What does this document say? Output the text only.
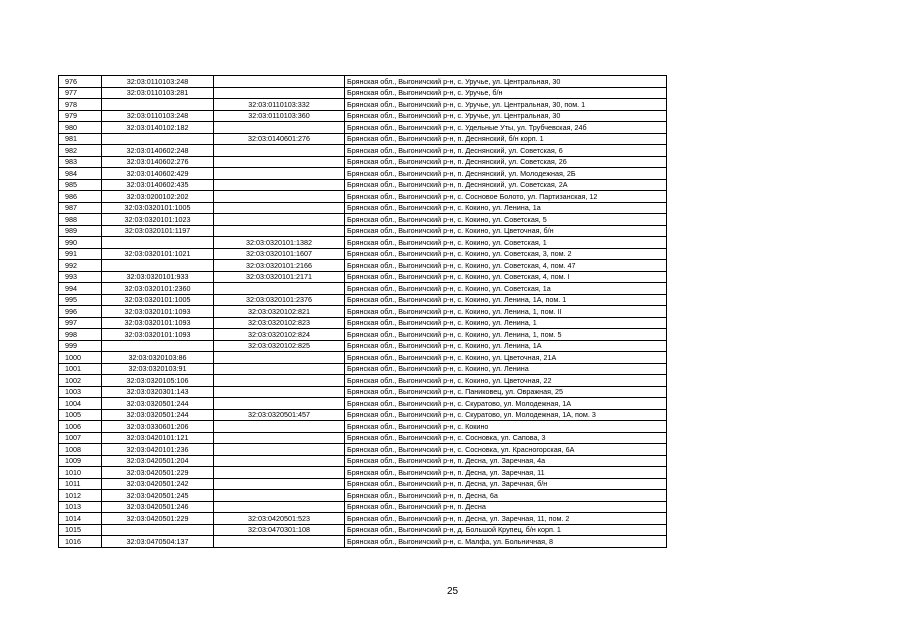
976	32:03:0110103:248		Брянская обл., Выгоничский р-н, с. Уручье, ул. Центральная, 30
977	32:03:0110103:281		Брянская обл., Выгоничский р-н, с. Уручье, б/н
978		32:03:0110103:332	Брянская обл., Выгоничский р-н, с. Уручье, ул. Центральная, 30, пом. 1
979	32:03:0110103:248	32:03:0110103:360	Брянская обл., Выгоничский р-н, с. Уручье, ул. Центральная, 30
980	32:03:0140102:182		Брянская обл., Выгоничский р-н, с. Удельные Уты, ул. Трубчевская, 24б
981		32:03:0140601:276	Брянская обл., Выгоничский р-н, п. Деснянский, б/н корп. 1
982	32:03:0140602:248		Брянская обл., Выгоничский р-н, п. Деснянский, ул. Советская, 6
983	32:03:0140602:276		Брянская обл., Выгоничский р-н, п. Деснянский, ул. Советская, 26
984	32:03:0140602:429		Брянская обл., Выгоничский р-н, п. Деснянский, ул. Молодежная, 2Б
985	32:03:0140602:435		Брянская обл., Выгоничский р-н, п. Деснянский, ул. Советская, 2А
986	32:03:0200102:202		Брянская обл., Выгоничский р-н, с. Сосновое Болото, ул. Партизанская, 12
987	32:03:0320101:1005		Брянская обл., Выгоничский р-н, с. Кокино, ул. Ленина, 1а
988	32:03:0320101:1023		Брянская обл., Выгоничский р-н, с. Кокино, ул. Советская, 5
989	32:03:0320101:1197		Брянская обл., Выгоничский р-н, с. Кокино, ул. Цветочная, б/н
990		32:03:0320101:1382	Брянская обл., Выгоничский р-н, с. Кокино, ул. Советская, 1
991	32:03:0320101:1021	32:03:0320101:1607	Брянская обл., Выгоничский р-н, с. Кокино, ул. Советская, 3, пом. 2
992		32:03:0320101:2166	Брянская обл., Выгоничский р-н, с. Кокино, ул. Советская, 4, пом. 47
993	32:03:0320101:933	32:03:0320101:2171	Брянская обл., Выгоничский р-н, с. Кокино, ул. Советская, 4, пом. I
994	32:03:0320101:2360		Брянская обл., Выгоничский р-н, с. Кокино, ул. Советская, 1а
995	32:03:0320101:1005	32:03:0320101:2376	Брянская обл., Выгоничский р-н, с. Кокино, ул. Ленина, 1А, пом. 1
996	32:03:0320101:1093	32:03:0320102:821	Брянская обл., Выгоничский р-н, с. Кокино, ул. Ленина, 1, пом. II
997	32:03:0320101:1093	32:03:0320102:823	Брянская обл., Выгоничский р-н, с. Кокино, ул. Ленина, 1
998	32:03:0320101:1093	32:03:0320102:824	Брянская обл., Выгоничский р-н, с. Кокино, ул. Ленина, 1, пом. 5
999		32:03:0320102:825	Брянская обл., Выгоничский р-н, с. Кокино, ул. Ленина, 1А
1000	32:03:0320103:86		Брянская обл., Выгоничский р-н, с. Кокино, ул. Цветочная, 21А
1001	32:03:0320103:91		Брянская обл., Выгоничский р-н, с. Кокино, ул. Ленина
1002	32:03:0320105:106		Брянская обл., Выгоничский р-н, с. Кокино, ул. Цветочная, 22
1003	32:03:0320301:143		Брянская обл., Выгоничский р-н, с. Паниковец, ул. Овражная, 25
1004	32:03:0320501:244		Брянская обл., Выгоничский р-н, с. Скуратово, ул. Молодежная, 1А
1005	32:03:0320501:244	32:03:0320501:457	Брянская обл., Выгоничский р-н, с. Скуратово, ул. Молодежная, 1А, пом. 3
1006	32:03:0330601:206		Брянская обл., Выгоничский р-н, с. Кокино
1007	32:03:0420101:121		Брянская обл., Выгоничский р-н, с. Сосновка, ул. Сапова, 3
1008	32:03:0420101:236		Брянская обл., Выгоничский р-н, с. Сосновка, ул. Красногорская, 6А
1009	32:03:0420501:204		Брянская обл., Выгоничский р-н, п. Десна, ул. Заречная, 4а
1010	32:03:0420501:229		Брянская обл., Выгоничский р-н, п. Десна, ул. Заречная, 11
1011	32:03:0420501:242		Брянская обл., Выгоничский р-н, п. Десна, ул. Заречная, б/н
1012	32:03:0420501:245		Брянская обл., Выгоничский р-н, п. Десна, 6а
1013	32:03:0420501:246		Брянская обл., Выгоничский р-н, п. Десна
1014	32:03:0420501:229	32:03:0420501:523	Брянская обл., Выгоничский р-н, п. Десна, ул. Заречная, 11, пом. 2
1015		32:03:0470301:108	Брянская обл., Выгоничский р-н, д. Большой Крупец, б/н корп. 1
1016	32:03:0470504:137		Брянская обл., Выгоничский р-н, с. Малфа, ул. Больничная, 8
25
